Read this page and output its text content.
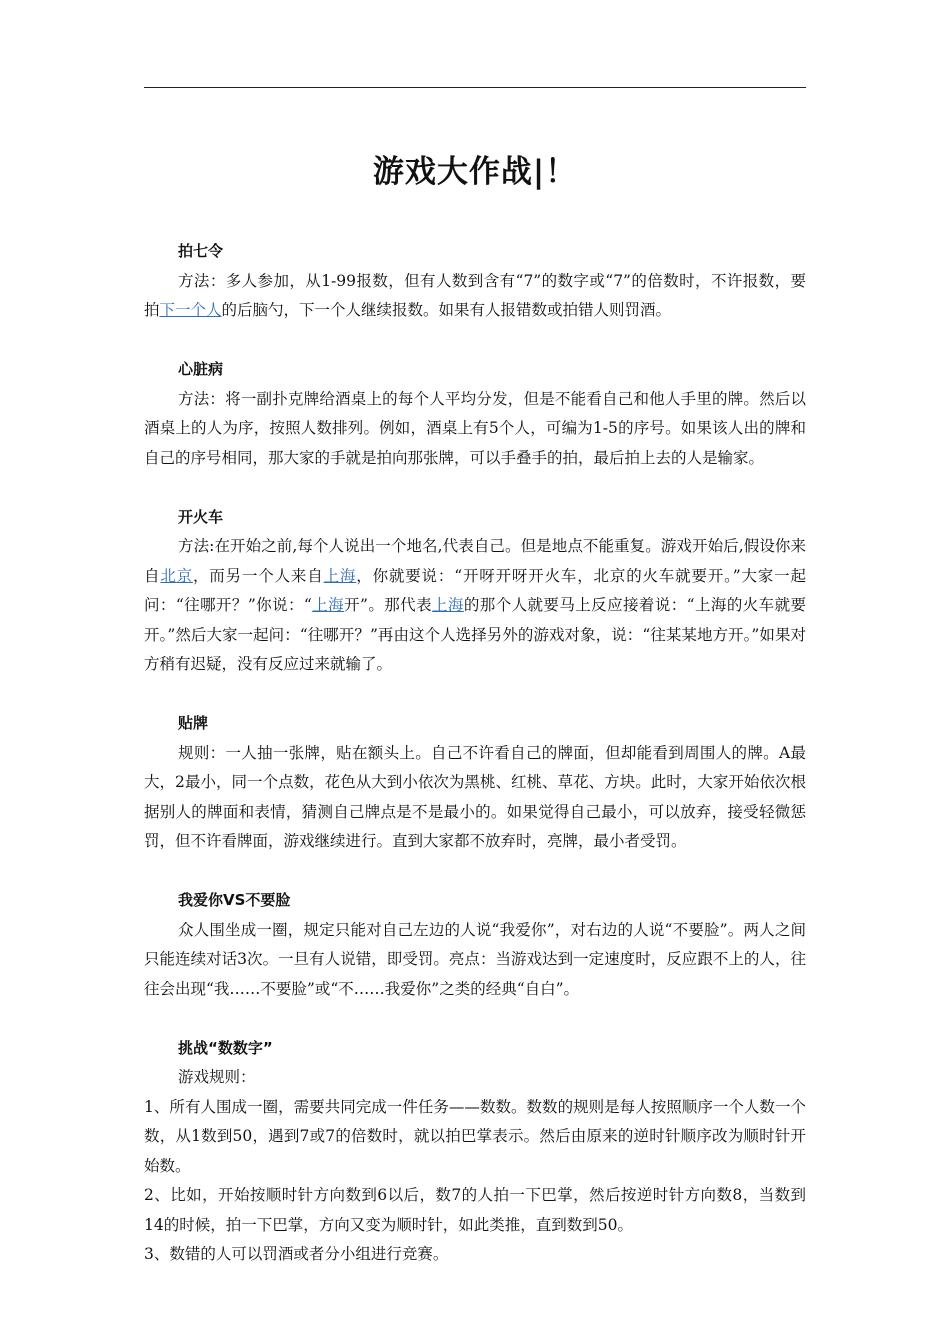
游戏大作战|！
拍七令
方法：多人参加，从1-99报数，但有人数到含有“7”的数字或“7”的倍数时，不许报数，要拍下一个人的后脑勺，下一个人继续报数。如果有人报错数或拍错人则罚酒。
心脏病
方法：将一副扑克牌给酒桌上的每个人平均分发，但是不能看自己和他人手里的牌。然后以酒桌上的人为序，按照人数排列。例如，酒桌上有5个人，可编为1-5的序号。如果该人出的牌和自己的序号相同，那大家的手就是拍向那张牌，可以手叠手的拍，最后拍上去的人是输家。
开火车
方法:在开始之前,每个人说出一个地名,代表自己。但是地点不能重复。游戏开始后,假设你来自北京，而另一个人来自上海，你就要说：“开呀开呀开火车，北京的火车就要开。”大家一起问：“往哪开？”你说：“上海开”。那代表上海的那个人就要马上反应接着说：“上海的火车就要开。”然后大家一起问：“往哪开？”再由这个人选择另外的游戏对象，说：“往某某地方开。”如果对方稍有迟疑，没有反应过来就输了。
贴牌
规则：一人抽一张牌，贴在额头上。自己不许看自己的牌面，但却能看到周围人的牌。A最大，2最小，同一个点数，花色从大到小依次为黑桃、红桃、草花、方块。此时，大家开始依次根据别人的牌面和表情，猜测自己牌点是不是最小的。如果觉得自己最小，可以放弃，接受轻微惩罚，但不许看牌面，游戏继续进行。直到大家都不放弃时，亮牌，最小者受罚。
我爱你VS不要脸
众人围坐成一圈，规定只能对自己左边的人说“我爱你”，对右边的人说“不要脸”。两人之间只能连续对话3次。一旦有人说错，即受罚。亮点：当游戏达到一定速度时，反应跟不上的人，往往会出现“我……不要脸”或“不……我爱你”之类的经典“自白”。
挑战“数数字”
游戏规则：
1、所有人围成一圈，需要共同完成一件任务——数数。数数的规则是每人按照顺序一个人数一个数，从1数到50，遇到7或7的倍数时，就以拍巴掌表示。然后由原来的逆时针顺序改为顺时针开始数。
2、比如，开始按顺时针方向数到6以后，数7的人拍一下巴掌，然后按逆时针方向数8，当数到14的时候，拍一下巴掌，方向又变为顺时针，如此类推，直到数到50。
3、数错的人可以罚酒或者分小组进行竞赛。
